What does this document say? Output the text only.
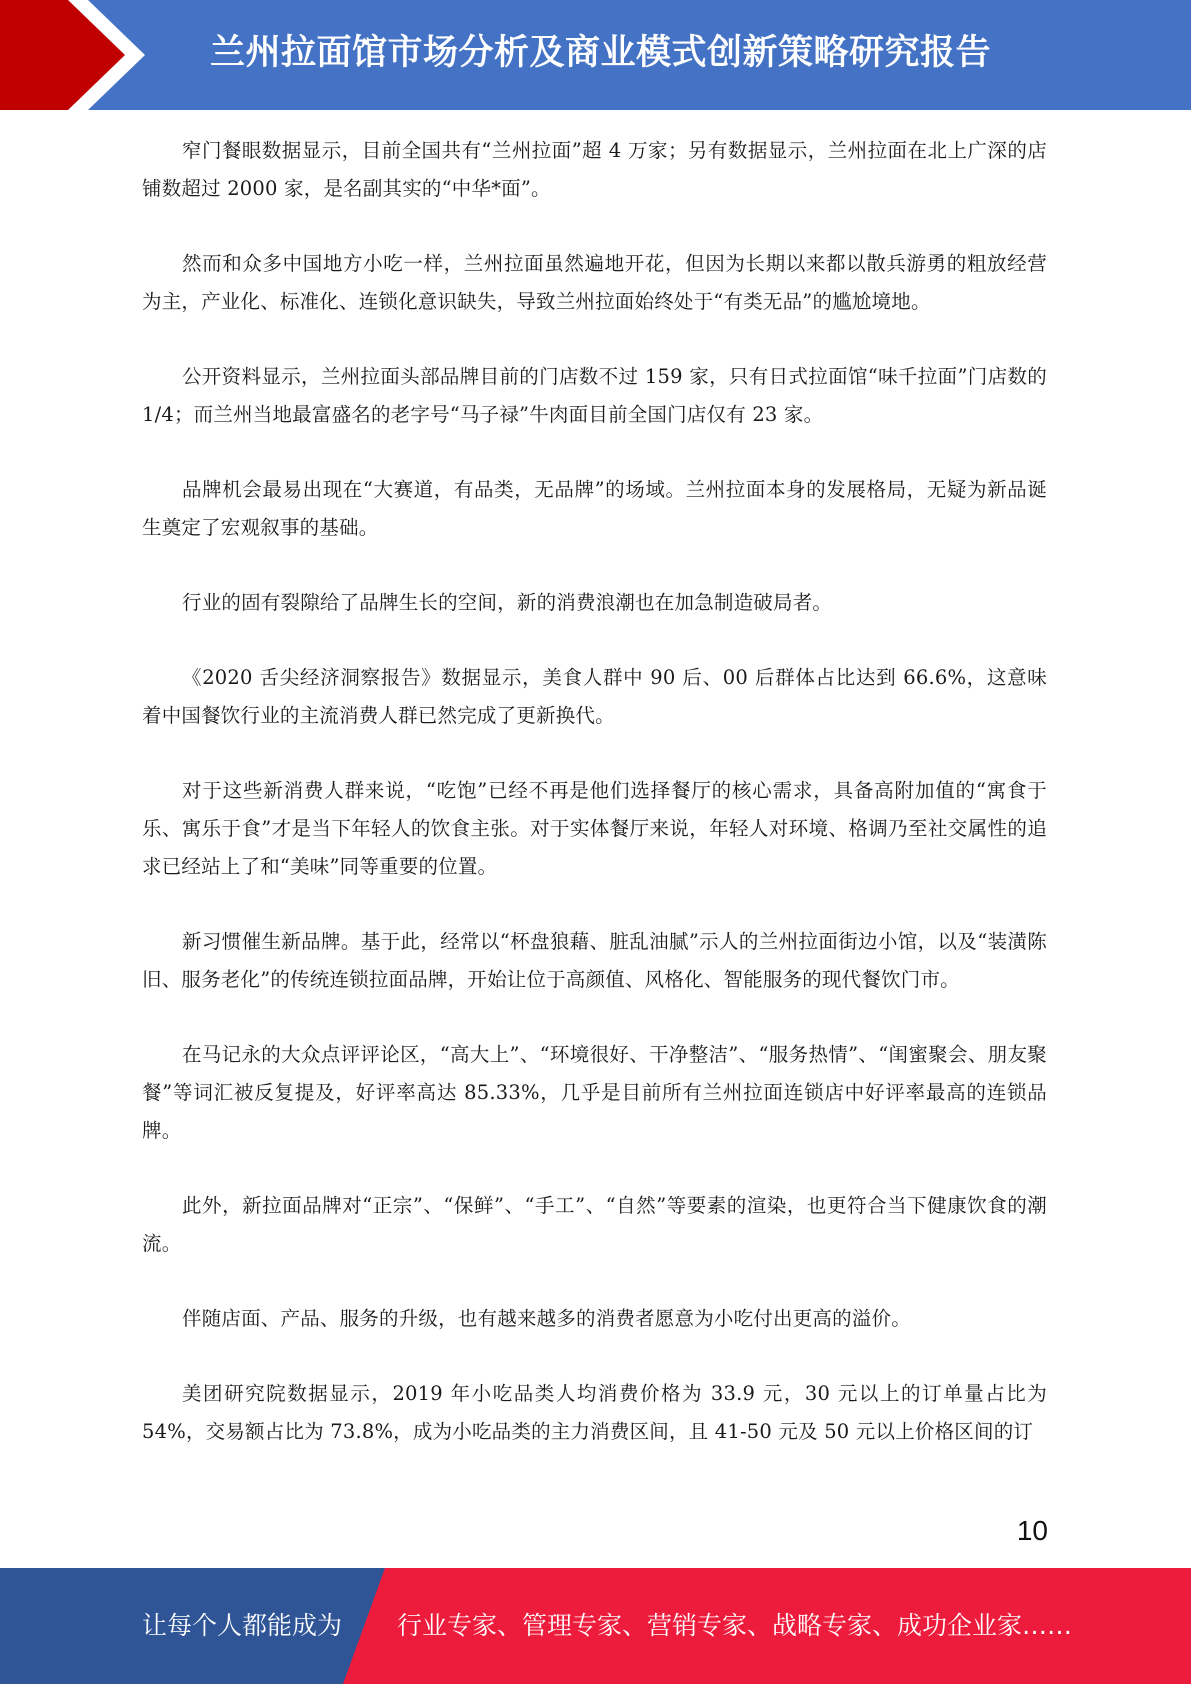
兰州拉面馆市场分析及商业模式创新策略研究报告

窄门餐眼数据显示，目前全国共有“兰州拉面”超 4 万家；另有数据显示，兰州拉面在北上广深的店铺数超过 2000 家，是名副其实的“中华*面”。

然而和众多中国地方小吃一样，兰州拉面虽然遍地开花，但因为长期以来都以散兵游勇的粗放经营为主，产业化、标准化、连锁化意识缺失，导致兰州拉面始终处于“有类无品”的尴尬境地。

公开资料显示，兰州拉面头部品牌目前的门店数不过 159 家，只有日式拉面馆“味千拉面”门店数的 1/4；而兰州当地最富盛名的老字号“马子禄”牛肉面目前全国门店仅有 23 家。

品牌机会最易出现在“大赛道，有品类，无品牌”的场域。兰州拉面本身的发展格局，无疑为新品诞生奠定了宏观叙事的基础。

行业的固有裂隙给了品牌生长的空间，新的消费浪潮也在加急制造破局者。

《2020 舌尖经济洞察报告》数据显示，美食人群中 90 后、00 后群体占比达到 66.6%，这意味着中国餐饮行业的主流消费人群已然完成了更新换代。

对于这些新消费人群来说，“吃饱”已经不再是他们选择餐厅的核心需求，具备高附加值的“寓食于乐、寓乐于食”才是当下年轻人的饮食主张。对于实体餐厅来说，年轻人对环境、格调乃至社交属性的追求已经站上了和“美味”同等重要的位置。

新习惯催生新品牌。基于此，经常以“杯盘狼藉、脏乱油腻”示人的兰州拉面街边小馆，以及“装潢陈旧、服务老化”的传统连锁拉面品牌，开始让位于高颜值、风格化、智能服务的现代餐饮门市。

在马记永的大众点评评论区，“高大上”、“环境很好、干净整洁”、“服务热情”、“闺蜜聚会、朋友聚餐”等词汇被反复提及，好评率高达 85.33%，几乎是目前所有兰州拉面连锁店中好评率最高的连锁品牌。

此外，新拉面品牌对“正宗”、“保鲜”、“手工”、“自然”等要素的渲染，也更符合当下健康饮食的潮流。

伴随店面、产品、服务的升级，也有越来越多的消费者愿意为小吃付出更高的溢价。

美团研究院数据显示，2019 年小吃品类人均消费价格为 33.9 元，30 元以上的订单量占比为 54%，交易额占比为 73.8%，成为小吃品类的主力消费区间，且 41-50 元及 50 元以上价格区间的订

10
让每个人都能成为 行业专家、管理专家、营销专家、战略专家、成功企业家……
